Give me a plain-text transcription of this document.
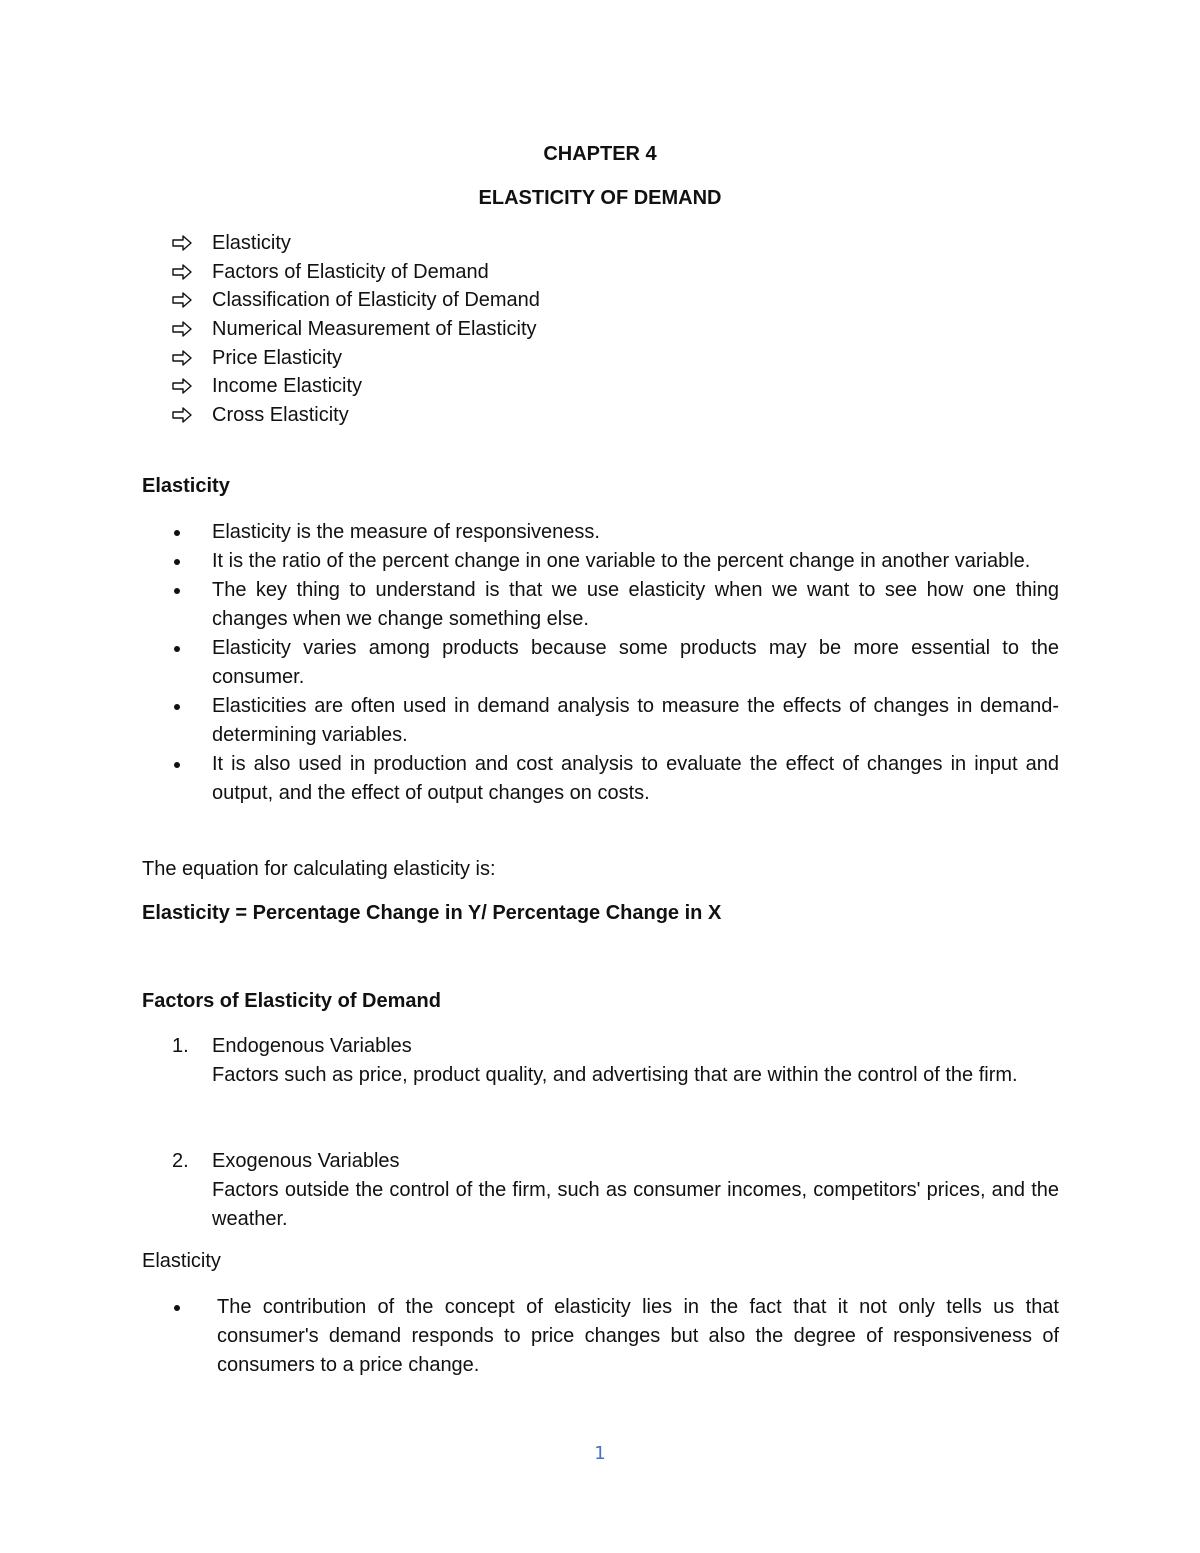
CHAPTER 4
ELASTICITY OF DEMAND
Elasticity
Factors of Elasticity of Demand
Classification of Elasticity of Demand
Numerical Measurement of Elasticity
Price Elasticity
Income Elasticity
Cross Elasticity
Elasticity
Elasticity is the measure of responsiveness.
It is the ratio of the percent change in one variable to the percent change in another variable.
The key thing to understand is that we use elasticity when we want to see how one thing changes when we change something else.
Elasticity varies among products because some products may be more essential to the consumer.
Elasticities are often used in demand analysis to measure the effects of changes in demand-determining variables.
It is also used in production and cost analysis to evaluate the effect of changes in input and output, and the effect of output changes on costs.

The equation for calculating elasticity is:

Elasticity = Percentage Change in Y/ Percentage Change in X

Factors of Elasticity of Demand
1. Endogenous Variables
Factors such as price, product quality, and advertising that are within the control of the firm.
2. Exogenous Variables
Factors outside the control of the firm, such as consumer incomes, competitors' prices, and the weather.

Elasticity

The contribution of the concept of elasticity lies in the fact that it not only tells us that consumer's demand responds to price changes but also the degree of responsiveness of consumers to a price change.
1
